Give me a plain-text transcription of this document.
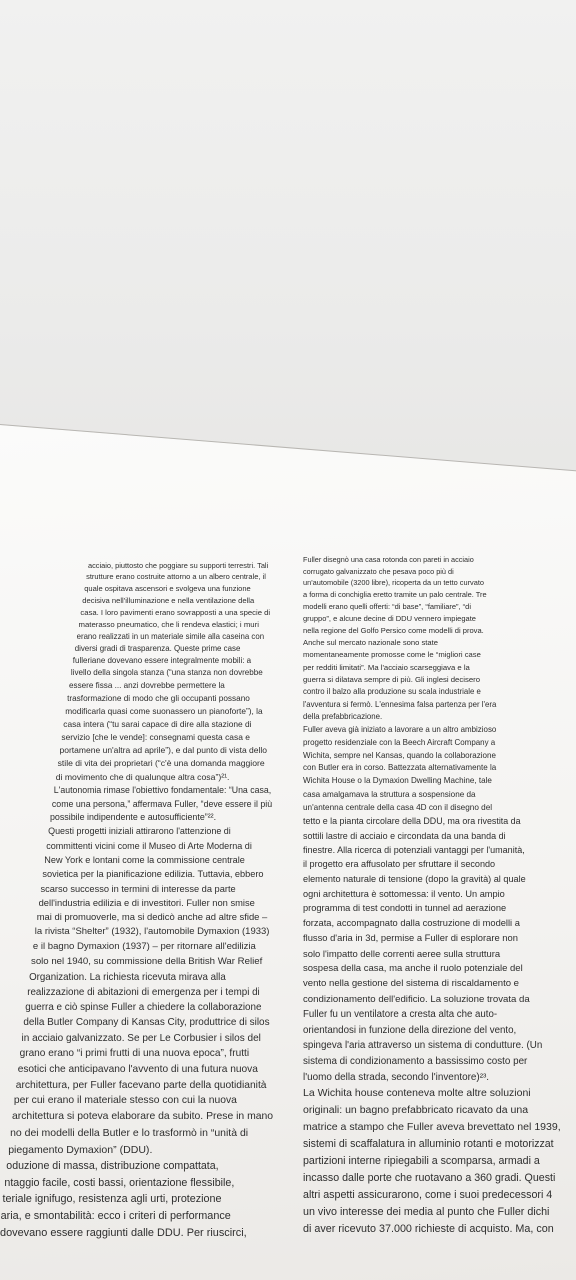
acciaio, piuttosto che poggiare su supporti terrestri. Tali
strutture erano costruite attorno a un albero centrale, il
quale ospitava ascensori e svolgeva una funzione
decisiva nell'illuminazione e nella ventilazione della
casa. I loro pavimenti erano sovrapposti a una specie di
materasso pneumatico, che li rendeva elastici; i muri
erano realizzati in un materiale simile alla caseina con
diversi gradi di trasparenza. Queste prime case
fulleriane dovevano essere integralmente mobili: a
livello della singola stanza (“una stanza non dovrebbe
essere fissa ... anzi dovrebbe permettere la
trasformazione di modo che gli occupanti possano
modificarla quasi come suonassero un pianoforte”), la
casa intera (“tu sarai capace di dire alla stazione di
servizio [che le vende]: consegnami questa casa e
portamene un'altra ad aprile”), e dal punto di vista dello
stile di vita dei proprietari (“c'è una domanda maggiore
di movimento che di qualunque altra cosa”)²¹.
L'autonomia rimase l'obiettivo fondamentale: “Una casa,
come una persona,” affermava Fuller, “deve essere il più
possibile indipendente e autosufficiente”²².
Questi progetti iniziali attirarono l'attenzione di
committenti vicini come il Museo di Arte Moderna di
New York e lontani come la commissione centrale
sovietica per la pianificazione edilizia. Tuttavia, ebbero
scarso successo in termini di interesse da parte
dell'industria edilizia e di investitori. Fuller non smise
mai di promuoverle, ma si dedicò anche ad altre sfide –
la rivista “Shelter” (1932), l'automobile Dymaxion (1933)
e il bagno Dymaxion (1937) – per ritornare all'edilizia
solo nel 1940, su commissione della British War Relief
Organization. La richiesta ricevuta mirava alla
realizzazione di abitazioni di emergenza per i tempi di
guerra e ciò spinse Fuller a chiedere la collaborazione
della Butler Company di Kansas City, produttrice di silos
in acciaio galvanizzato. Se per Le Corbusier i silos del
grano erano “i primi frutti di una nuova epoca”, frutti
esotici che anticipavano l'avvento di una futura nuova
architettura, per Fuller facevano parte della quotidianità
per cui erano il materiale stesso con cui la nuova
architettura si poteva elaborare da subito. Prese in mano
no dei modelli della Butler e lo trasformò in “unità di
piegamento Dymaxion” (DDU).
oduzione di massa, distribuzione compattata,
ntaggio facile, costi bassi, orientazione flessibile,
teriale ignifugo, resistenza agli urti, protezione
aria, e smontabilità: ecco i criteri di performance
dovevano essere raggiunti dalle DDU. Per riuscirci,
Fuller disegnò una casa rotonda con pareti in acciaio
corrugato galvanizzato che pesava poco più di
un'automobile (3200 libre), ricoperta da un tetto curvato
a forma di conchiglia eretto tramite un palo centrale. Tre
modelli erano quelli offerti: “di base”, “familiare”, “di
gruppo”, e alcune decine di DDU vennero impiegate
nella regione del Golfo Persico come modelli di prova.
Anche sul mercato nazionale sono state
momentaneamente promosse come le “migliori case
per redditi limitati”. Ma l'acciaio scarseggiava e la
guerra si dilatava sempre di più. Gli inglesi decisero
contro il balzo alla produzione su scala industriale e
l'avventura si fermò. L'ennesima falsa partenza per l'era
della prefabbricazione.
Fuller aveva già iniziato a lavorare a un altro ambizioso
progetto residenziale con la Beech Aircraft Company a
Wichita, sempre nel Kansas, quando la collaborazione
con Butler era in corso. Battezzata alternativamente la
Wichita House o la Dymaxion Dwelling Machine, tale
casa amalgamava la struttura a sospensione da
un'antenna centrale della casa 4D con il disegno del
tetto e la pianta circolare della DDU, ma ora rivestita da
sottili lastre di acciaio e circondata da una banda di
finestre. Alla ricerca di potenziali vantaggi per l'umanità,
il progetto era affusolato per sfruttare il secondo
elemento naturale di tensione (dopo la gravità) al quale
ogni architettura è sottomessa: il vento. Un ampio
programma di test condotti in tunnel ad aerazione
forzata, accompagnato dalla costruzione di modelli a
flusso d'aria in 3d, permise a Fuller di esplorare non
solo l'impatto delle correnti aeree sulla struttura
sospesa della casa, ma anche il ruolo potenziale del
vento nella gestione del sistema di riscaldamento e
condizionamento dell'edificio. La soluzione trovata da
Fuller fu un ventilatore a cresta alta che auto-
orientandosi in funzione della direzione del vento,
spingeva l'aria attraverso un sistema di condutture. (Un
sistema di condizionamento a bassissimo costo per
l'uomo della strada, secondo l'inventore)²³.
La Wichita house conteneva molte altre soluzioni
originali: un bagno prefabbricato ricavato da una
matrice a stampo che Fuller aveva brevettato nel 1939,
sistemi di scaffalatura in alluminio rotanti e motorizzat
partizioni interne ripiegabili a scomparsa, armadi a
incasso dalle porte che ruotavano a 360 gradi. Questi
altri aspetti assicurarono, come i suoi predecessori 4
un vivo interesse dei media al punto che Fuller dichi
di aver ricevuto 37.000 richieste di acquisto. Ma, con
